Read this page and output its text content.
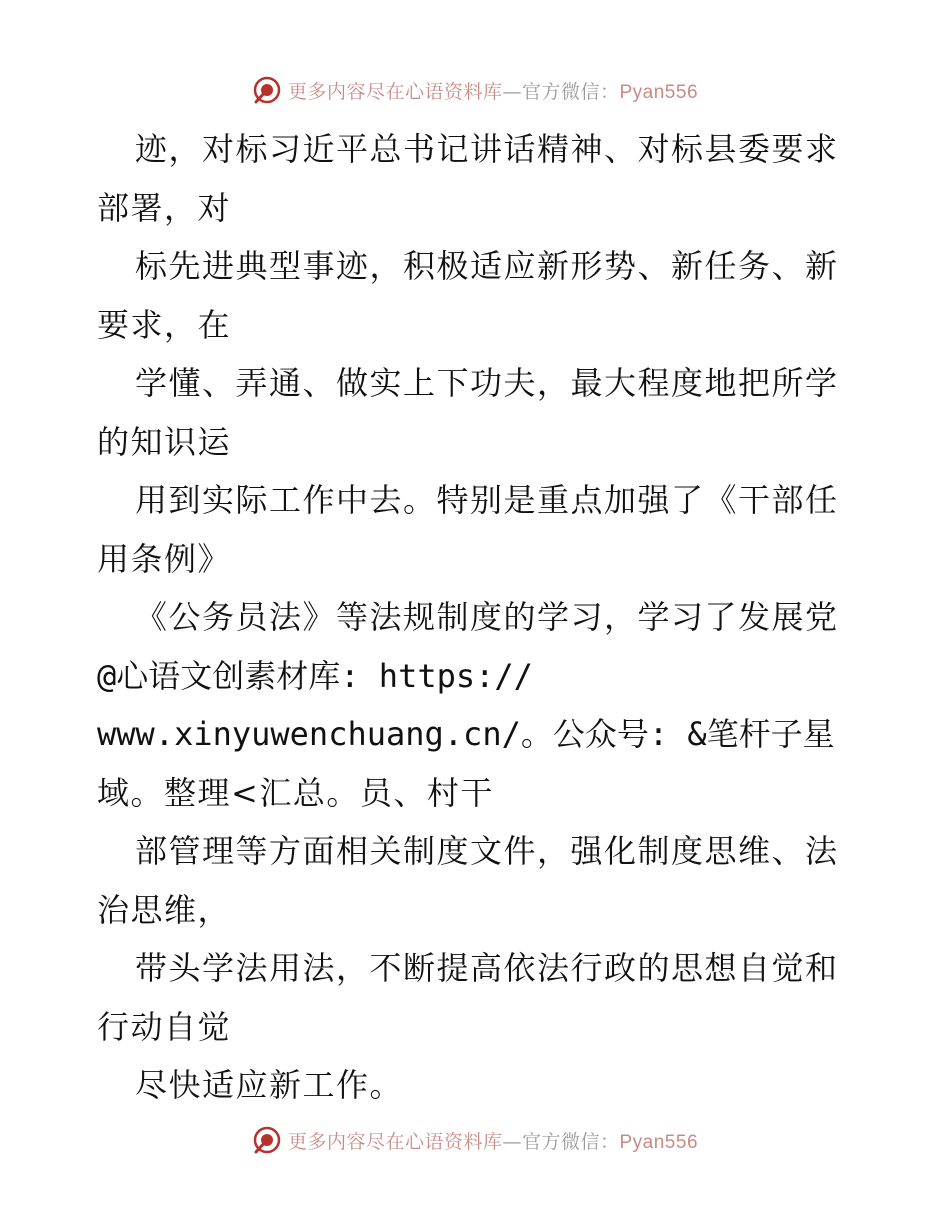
更多内容尽在心语资料库—官方微信：Pyan556
迹，对标习近平总书记讲话精神、对标县委要求
部署，对
标先进典型事迹，积极适应新形势、新任务、新
要求，在
学懂、弄通、做实上下功夫，最大程度地把所学
的知识运
用到实际工作中去。特别是重点加强了《干部任
用条例》
《公务员法》等法规制度的学习，学习了发展党
@心语文创素材库: https://
www.xinyuwenchuang.cn/。公众号: &笔杆子星
域。整理<汇总。员、村干
部管理等方面相关制度文件，强化制度思维、法
治思维，
带头学法用法，不断提高依法行政的思想自觉和
行动自觉
尽快适应新工作。
更多内容尽在心语资料库—官方微信：Pyan556
